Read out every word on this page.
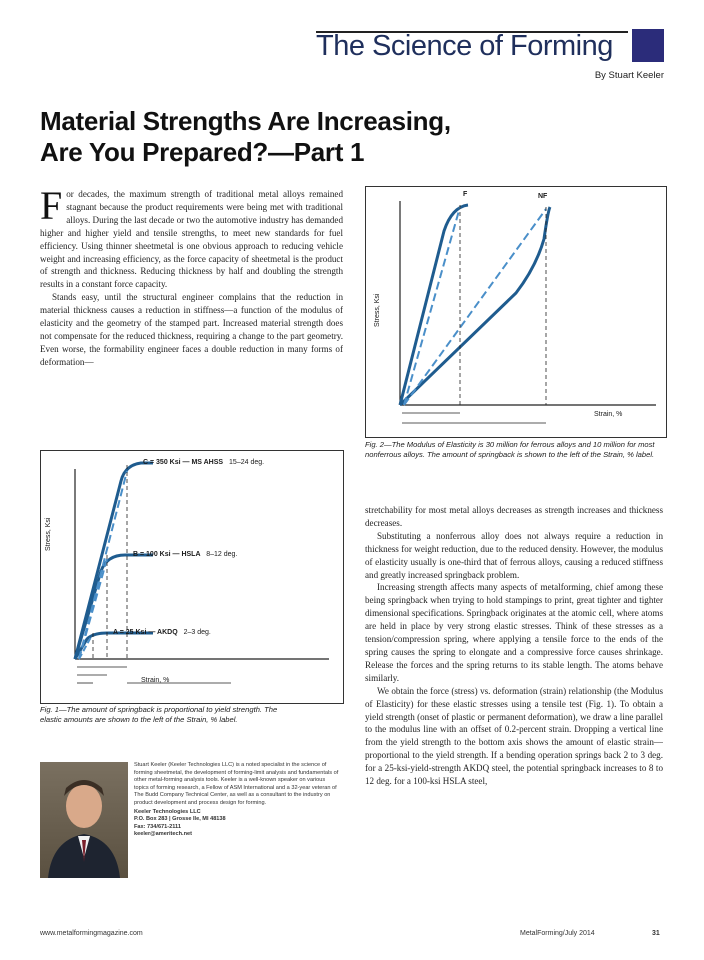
The Science of Forming
By Stuart Keeler
Material Strengths Are Increasing,
Are You Prepared?—Part 1

For decades, the maximum strength of traditional metal alloys remained stagnant because the product requirements were being met with traditional alloys. During the last decade or two the automotive industry has demanded higher and higher yield and tensile strengths, to meet new standards for fuel efficiency. Using thinner sheetmetal is one obvious approach to reducing vehicle weight and increasing efficiency, as the force capacity of sheetmetal is the product of strength and thickness. Reducing thickness by half and doubling the strength results in a constant force capacity.

Stands easy, until the structural engineer complains that the reduction in material thickness causes a reduction in stiffness—a function of the modulus of elasticity and the geometry of the stamped part. Increased material strength does not compensate for the reduced thickness, requiring a change to the part geometry. Even worse, the formability engineer faces a double reduction in many forms of deformation—

C = 350 Ksi — MS AHSS 15–24 deg.
B = 100 Ksi — HSLA 8–12 deg.
A = 25 Ksi — AKDQ 2–3 deg.
Stress, Ksi
Strain, %
Fig. 1—The amount of springback is proportional to yield strength. The elastic amounts are shown to the left of the Strain, % label.
F	NF
Stress, Ksi
Strain, %
Fig. 2—The Modulus of Elasticity is 30 million for ferrous alloys and 10 million for most nonferrous alloys. The amount of springback is shown to the left of the Strain, % label.

stretchability for most metal alloys decreases as strength increases and thickness decreases.

Substituting a nonferrous alloy does not always require a reduction in thickness for weight reduction, due to the reduced density. However, the modulus of elasticity usually is one-third that of ferrous alloys, causing a reduced stiffness and greatly increased springback problem.

Increasing strength affects many aspects of metalforming, chief among these being springback when trying to hold stampings to print, great tighter and tighter dimensional specifications. Springback originates at the atomic cell, where atoms are held in place by very strong elastic stresses. Think of these stresses as a tension/compression spring, where applying a tensile force to the ends of the spring causes the spring to elongate and a compressive force causes shrinkage. Release the forces and the spring returns to its stable length. The atoms behave similarly.

We obtain the force (stress) vs. deformation (strain) relationship (the Modulus of Elasticity) for these elastic stresses using a tensile test (Fig. 1). To obtain a yield strength (onset of plastic or permanent deformation), we draw a line parallel to the modulus line with an offset of 0.2-percent strain. Dropping a vertical line from the yield strength to the bottom axis shows the amount of elastic strain—proportional to the yield strength. If a bending operation springs back 2 to 3 deg. for a 25-ksi-yield-strength AKDQ steel, the potential springback increases to 8 to 12 deg. for a 100-ksi HSLA steel,

Stuart Keeler (Keeler Technologies LLC) is a noted specialist in the science of forming sheetmetal, the development of forming-limit analysis and fundamentals of other metal-forming analysis tools. Keeler is a well-known speaker on various topics of forming research, a Fellow of ASM International and a 32-year veteran of The Budd Company Technical Center, as well as a consultant to the industry on product development and process design for forming.
Keeler Technologies LLC
P.O. Box 283 | Grosse Ile, MI 48138
Fax: 734/671-2111
keeler@ameritech.net
www.metalformingmagazine.com	MetalForming/July 2014	31
